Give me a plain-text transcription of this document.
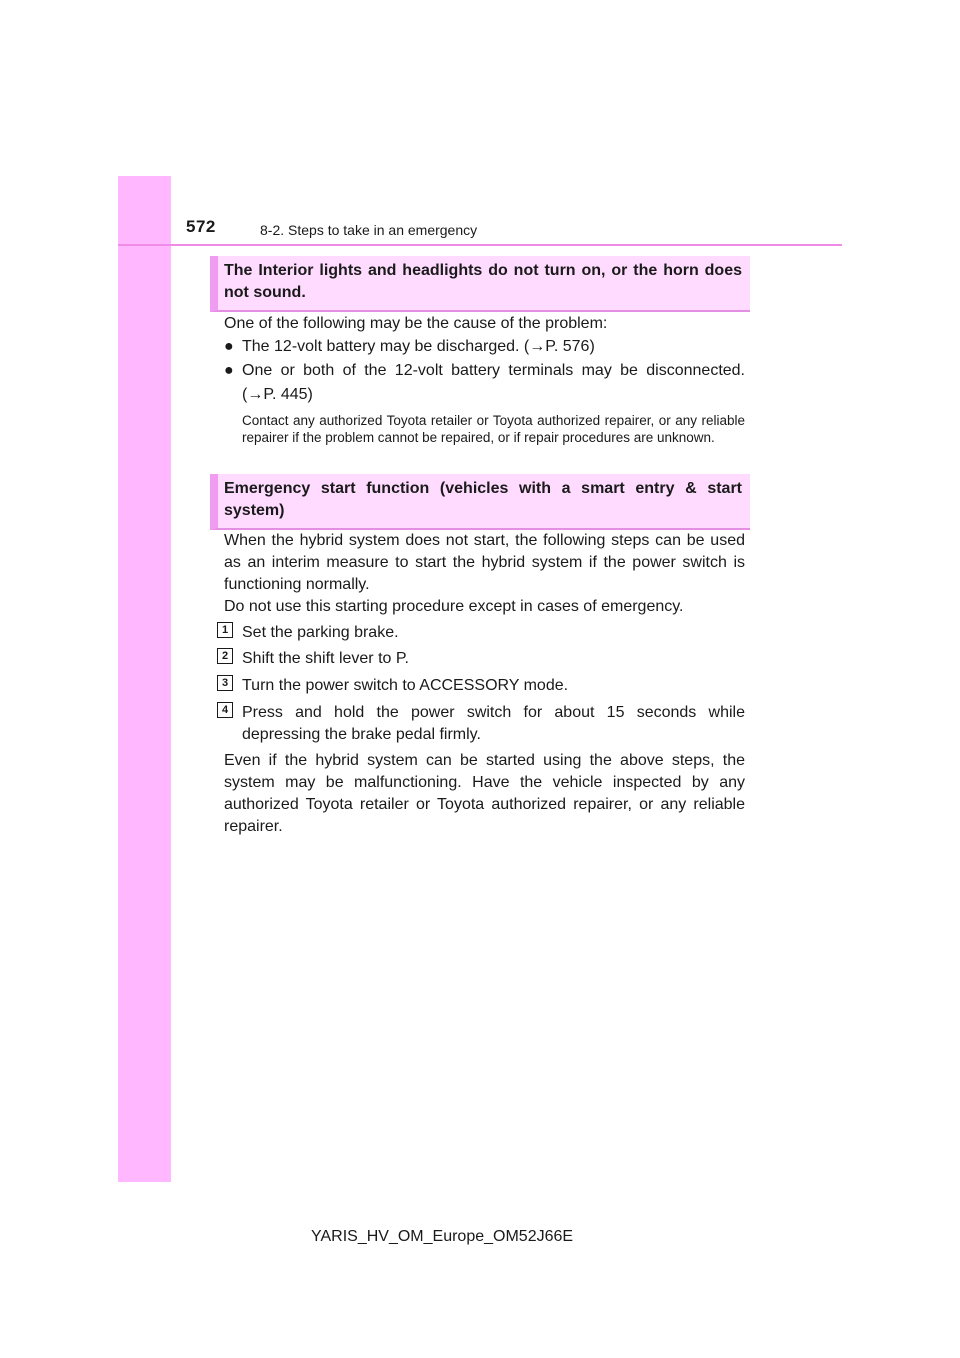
572	8-2. Steps to take in an emergency
The Interior lights and headlights do not turn on, or the horn does not sound.
One of the following may be the cause of the problem:
● The 12-volt battery may be discharged. (→P. 576)
● One or both of the 12-volt battery terminals may be disconnected. (→P. 445)
Contact any authorized Toyota retailer or Toyota authorized repairer, or any reliable repairer if the problem cannot be repaired, or if repair procedures are unknown.
Emergency start function (vehicles with a smart entry & start system)
When the hybrid system does not start, the following steps can be used as an interim measure to start the hybrid system if the power switch is functioning normally.
Do not use this starting procedure except in cases of emergency.
1 Set the parking brake.
2 Shift the shift lever to P.
3 Turn the power switch to ACCESSORY mode.
4 Press and hold the power switch for about 15 seconds while depressing the brake pedal firmly.
Even if the hybrid system can be started using the above steps, the system may be malfunctioning. Have the vehicle inspected by any authorized Toyota retailer or Toyota authorized repairer, or any reliable repairer.
YARIS_HV_OM_Europe_OM52J66E
